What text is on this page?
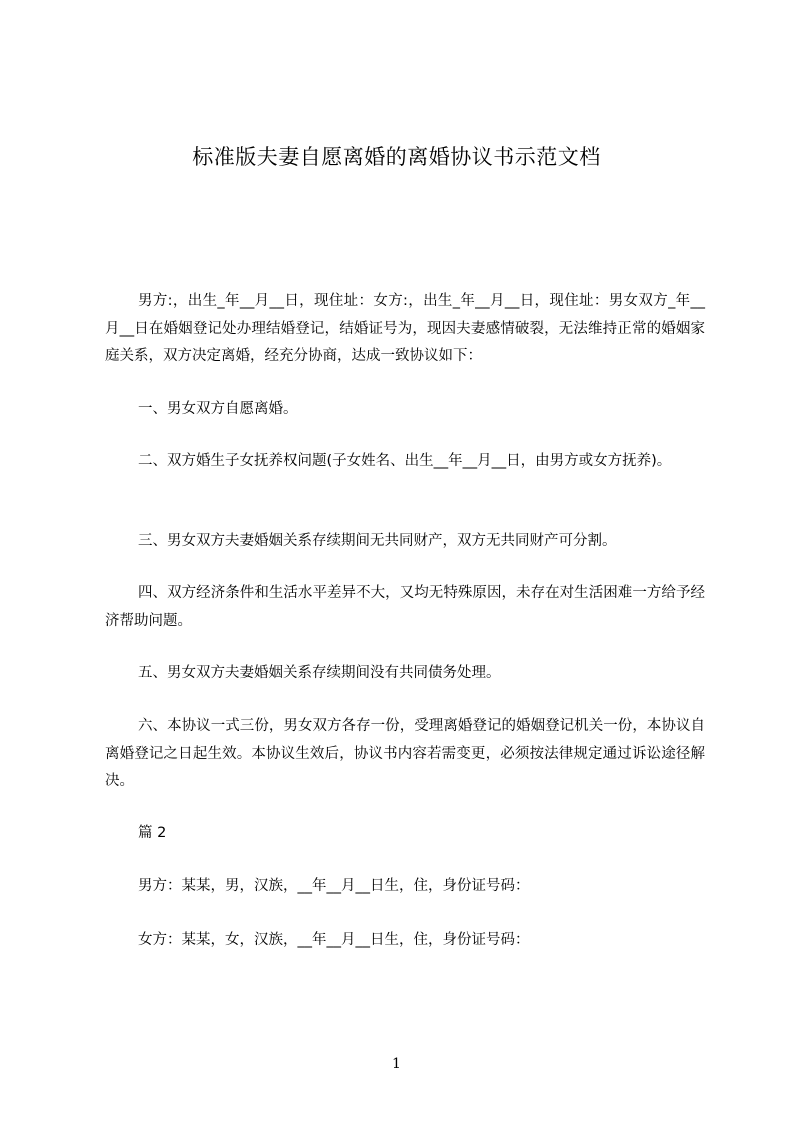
标准版夫妻自愿离婚的离婚协议书示范文档

男方:，出生_年__月__日，现住址：女方:，出生_年__月__日，现住址：男女双方_年__月__日在婚姻登记处办理结婚登记，结婚证号为，现因夫妻感情破裂，无法维持正常的婚姻家庭关系，双方决定离婚，经充分协商，达成一致协议如下：

一、男女双方自愿离婚。

二、双方婚生子女抚养权问题(子女姓名、出生__年__月__日，由男方或女方抚养)。

三、男女双方夫妻婚姻关系存续期间无共同财产，双方无共同财产可分割。

四、双方经济条件和生活水平差异不大，又均无特殊原因，未存在对生活困难一方给予经济帮助问题。

五、男女双方夫妻婚姻关系存续期间没有共同债务处理。

六、本协议一式三份，男女双方各存一份，受理离婚登记的婚姻登记机关一份，本协议自离婚登记之日起生效。本协议生效后，协议书内容若需变更，必须按法律规定通过诉讼途径解决。

篇 2

男方：某某，男，汉族，__年__月__日生，住，身份证号码：

女方：某某，女，汉族，__年__月__日生，住，身份证号码：

1
